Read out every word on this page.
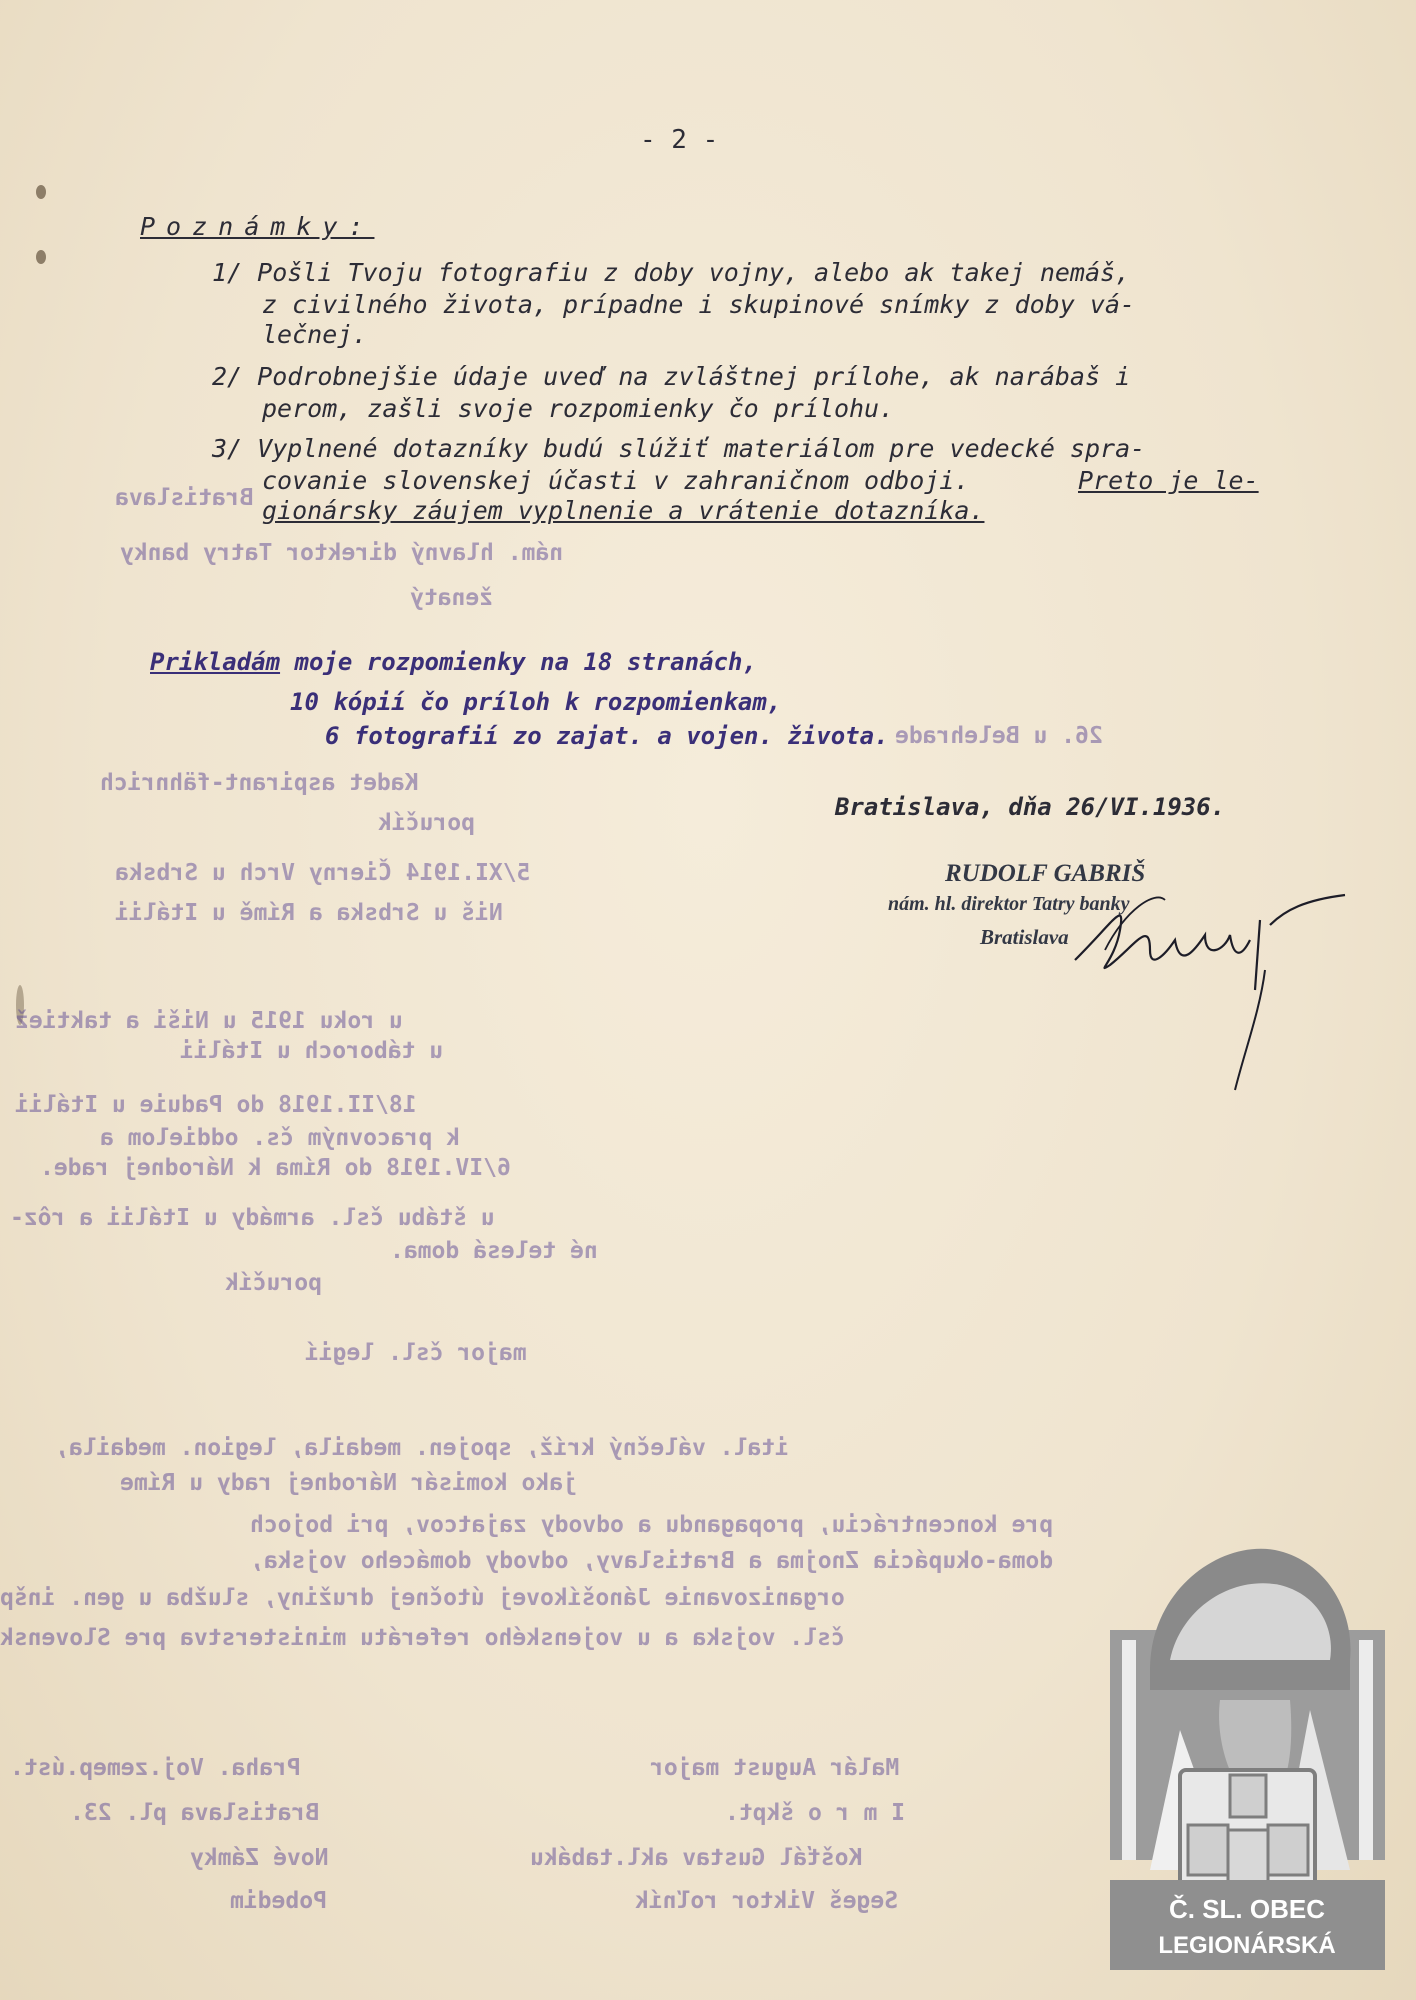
Bratislava
nám. hlavný direktor Tatry banky
ženatý
26. u Belehrade
Kadet aspirant-fähnrich
poručík
5/XI.1914 Čierny Vrch u Srbska
Niš u Srbska a Rímě u Itálii
u roku 1915 u Niši a taktiež
u táboroch u Itálii
18/II.1918 do Paduie u Itálii
k pracovným čs. oddielom a
6/IV.1918 do Ríma k Národnej rade.
u štábu čsl. armády u Itálii a rôz-
né telesá doma.
poručík
major čsl. legií
ital. válečný kríž, spojen. medaila, legion. medaila,
jako komisár Národnej rady u Ríme
pre koncentráciu, propagandu a odvody zajatcov, pri bojoch
doma-okupácia Znojma a Bratislavy, odvody domáceho vojska,
organizovanie Jánošíkovej útočnej družiny, služba u gen. inšp
čsl. vojska a u vojenského referátu ministerstva pre Slovensk
Praha. Voj.zemep.úst.
Bratislava pl. 23.
Nové Zámky
Pobedim
Malár August major
I m r o škpt.
Košťál Gustav akl.tabáku
Segeš Viktor roľník
- 2 -
Poznámky:
1/ Pošli Tvoju fotografiu z doby vojny, alebo ak takej nemáš,
z civilného života, prípadne i skupinové snímky z doby vá-
lečnej.
2/ Podrobnejšie údaje uveď na zvláštnej prílohe, ak narábaš i
perom, zašli svoje rozpomienky čo prílohu.
3/ Vyplnené dotazníky budú slúžiť materiálom pre vedecké spra-
covanie slovenskej účasti v zahraničnom odboji.	Preto je le-
gionársky záujem vyplnenie a vrátenie dotazníka.
Prikladám moje rozpomienky na 18 stranách,
10 kópií čo príloh k rozpomienkam,
6 fotografií zo zajat. a vojen. života.
Bratislava, dňa 26/VI.1936.
RUDOLF GABRIŠ
nám. hl. direktor Tatry banky
Bratislava
Č. SL. OBEC
LEGIONÁRSKÁ
